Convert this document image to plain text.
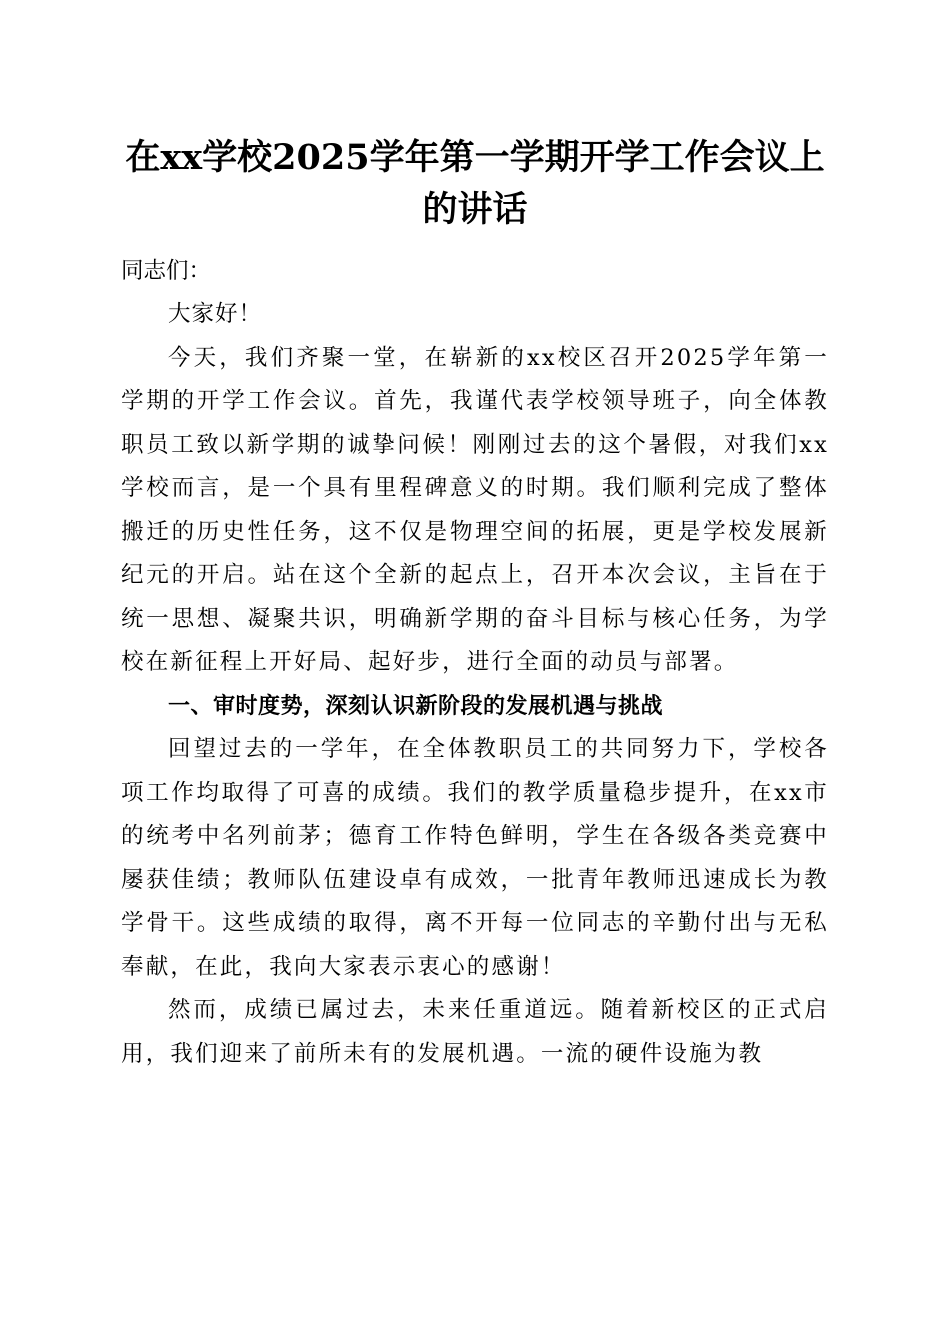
在xx学校2025学年第一学期开学工作会议上的讲话

同志们：

大家好！

今天，我们齐聚一堂，在崭新的xx校区召开2025学年第一学期的开学工作会议。首先，我谨代表学校领导班子，向全体教职员工致以新学期的诚挚问候！刚刚过去的这个暑假，对我们xx学校而言，是一个具有里程碑意义的时期。我们顺利完成了整体搬迁的历史性任务，这不仅是物理空间的拓展，更是学校发展新纪元的开启。站在这个全新的起点上，召开本次会议，主旨在于统一思想、凝聚共识，明确新学期的奋斗目标与核心任务，为学校在新征程上开好局、起好步，进行全面的动员与部署。

一、审时度势，深刻认识新阶段的发展机遇与挑战

回望过去的一学年，在全体教职员工的共同努力下，学校各项工作均取得了可喜的成绩。我们的教学质量稳步提升，在xx市的统考中名列前茅；德育工作特色鲜明，学生在各级各类竞赛中屡获佳绩；教师队伍建设卓有成效，一批青年教师迅速成长为教学骨干。这些成绩的取得，离不开每一位同志的辛勤付出与无私奉献，在此，我向大家表示衷心的感谢！

然而，成绩已属过去，未来任重道远。随着新校区的正式启用，我们迎来了前所未有的发展机遇。一流的硬件设施为教
